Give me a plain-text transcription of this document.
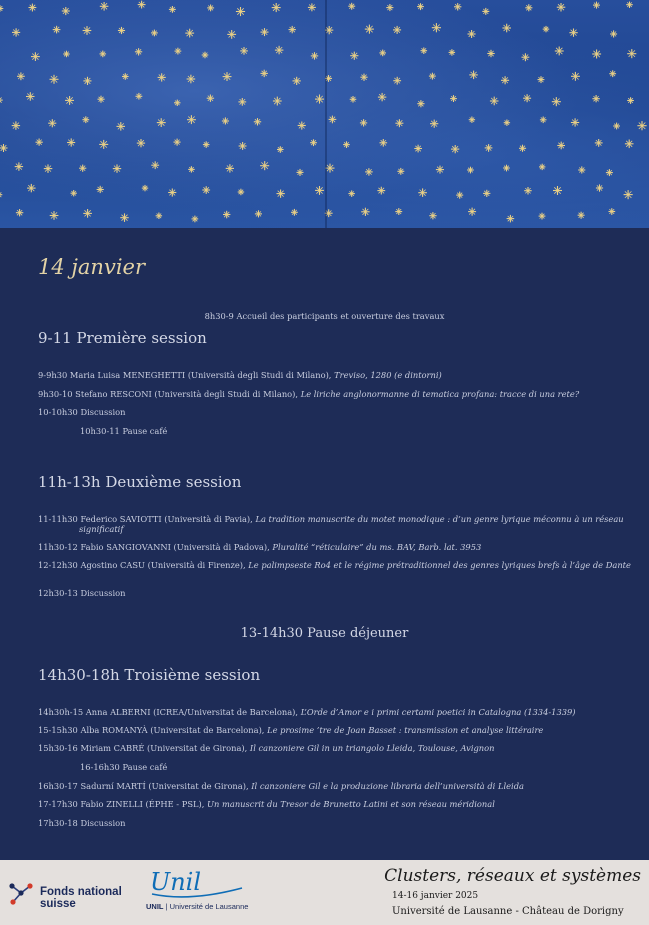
14 janvier
8h30-9 Accueil des participants et ouverture des travaux
9-11 Première session
9-9h30 Maria Luisa MENEGHETTI (Università degli Studi di Milano), Treviso, 1280 (e dintorni)
9h30-10 Stefano RESCONI (Università degli Studi di Milano), Le liriche anglonormanne di tematica profana: tracce di una rete?
10-10h30 Discussion
10h30-11 Pause café
11h-13h Deuxième session
11-11h30 Federico SAVIOTTI (Università di Pavia), La tradition manuscrite du motet monodique : d’un genre lyrique méconnu à un réseau significatif
11h30-12 Fabio SANGIOVANNI (Università di Padova), Pluralité “réticulaire” du ms. BAV, Barb. lat. 3953
12-12h30 Agostino CASU (Università di Firenze), Le palimpseste Ro4 et le régime prétraditionnel des genres lyriques brefs à l’âge de Dante
12h30-13 Discussion
13-14h30 Pause déjeuner
14h30-18h Troisième session
14h30h-15 Anna ALBERNI (ICREA/Universitat de Barcelona), L’Orde d’Amor e i primi certami poetici in Catalogna (1334-1339)
15-15h30 Alba ROMANYÀ (Universitat de Barcelona), Le prosime ’tre de Joan Basset : transmission et analyse littéraire
15h30-16 Miriam CABRÉ (Universitat de Girona), Il canzoniere Gil in un triangolo Lleida, Toulouse, Avignon
16-16h30 Pause café
16h30-17 Sadurní MARTÍ (Universitat de Girona), Il canzoniere Gil e la produzione libraria dell’università di Lleida
17-17h30 Fabio ZINELLI (ÉPHE - PSL), Un manuscrit du Tresor de Brunetto Latini et son réseau méridional
17h30-18 Discussion
Fonds national
suisse
Unil
UNIL | Université de Lausanne
Clusters, réseaux et systèmes
14-16 janvier 2025
Université de Lausanne - Château de Dorigny
